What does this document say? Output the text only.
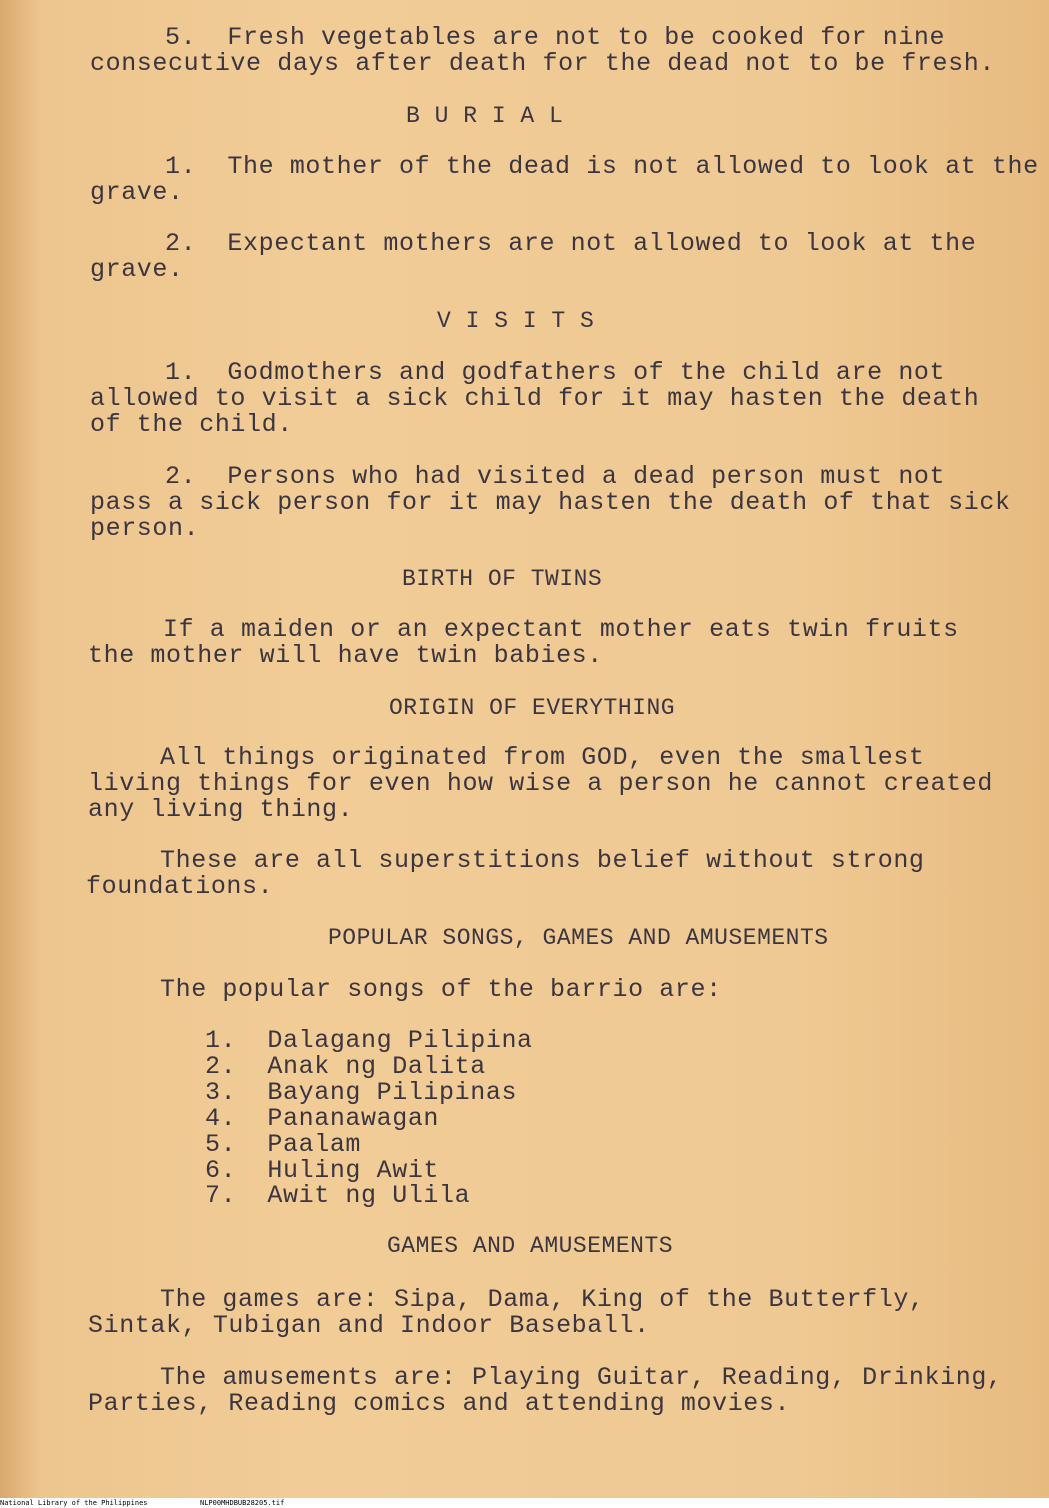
5.  Fresh vegetables are not to be cooked for nine
consecutive days after death for the dead not to be fresh.
B U R I A L
1.  The mother of the dead is not allowed to look at the
grave.
2.  Expectant mothers are not allowed to look at the
grave.
V I S I T S
1.  Godmothers and godfathers of the child are not
allowed to visit a sick child for it may hasten the death
of the child.
2.  Persons who had visited a dead person must not
pass a sick person for it may hasten the death of that sick
person.
BIRTH OF TWINS
If a maiden or an expectant mother eats twin fruits
the mother will have twin babies.
ORIGIN OF EVERYTHING
All things originated from GOD, even the smallest
living things for even how wise a person he cannot created
any living thing.
These are all superstitions belief without strong
foundations.
POPULAR SONGS, GAMES AND AMUSEMENTS
The popular songs of the barrio are:
1.  Dalagang Pilipina
2.  Anak ng Dalita
3.  Bayang Pilipinas
4.  Pananawagan
5.  Paalam
6.  Huling Awit
7.  Awit ng Ulila
GAMES AND AMUSEMENTS
The games are: Sipa, Dama, King of the Butterfly,
Sintak, Tubigan and Indoor Baseball.
The amusements are: Playing Guitar, Reading, Drinking,
Parties, Reading comics and attending movies.
National Library of the Philippines	NLP00MHDBUB28205.tif
